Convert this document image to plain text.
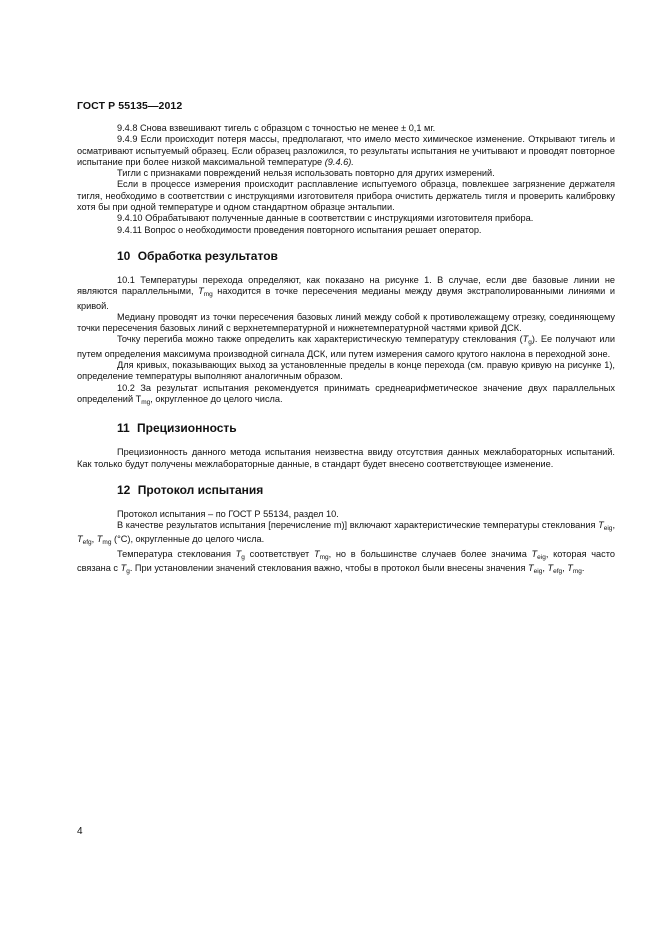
ГОСТ Р 55135—2012

9.4.8 Снова взвешивают тигель с образцом с точностью не менее ± 0,1 мг.

9.4.9 Если происходит потеря массы, предполагают, что имело место химическое изменение. Открывают тигель и осматривают испытуемый образец. Если образец разложился, то результаты испытания не учитывают и проводят повторное испытание при более низкой максимальной температуре (9.4.6).

Тигли с признаками повреждений нельзя использовать повторно для других измерений.

Если в процессе измерения происходит расплавление испытуемого образца, повлекшее загрязнение держателя тигля, необходимо в соответствии с инструкциями изготовителя прибора очистить держатель тигля и проверить калибровку хотя бы при одной температуре и одном стандартном образце энтальпии.

9.4.10 Обрабатывают полученные данные в соответствии с инструкциями изготовителя прибора.

9.4.11 Вопрос о необходимости проведения повторного испытания решает оператор.

10 Обработка результатов

10.1 Температуры перехода определяют, как показано на рисунке 1. В случае, если две базовые линии не являются параллельными, $T_{mg}$ находится в точке пересечения медианы между двумя экстраполированными линиями и кривой.

Медиану проводят из точки пересечения базовых линий между собой к противолежащему отрезку, соединяющему точки пересечения базовых линий с верхнетемпературной и нижнетемпературной частями кривой ДСК.

Точку перегиба можно также определить как характеристическую температуру стеклования $(T_g)$. Ее получают или путем определения максимума производной сигнала ДСК, или путем измерения самого крутого наклона в переходной зоне.

Для кривых, показывающих выход за установленные пределы в конце перехода (см. правую кривую на рисунке 1), определение температуры выполняют аналогичным образом.

10.2 За результат испытания рекомендуется принимать среднеарифметическое значение двух параллельных определений $T_{mg}$, округленное до целого числа.

11 Прецизионность

Прецизионность данного метода испытания неизвестна ввиду отсутствия данных межлабораторных испытаний. Как только будут получены межлабораторные данные, в стандарт будет внесено соответствующее изменение.

12 Протокол испытания

Протокол испытания – по ГОСТ Р 55134, раздел 10.

В качестве результатов испытания [перечисление m)] включают характеристические температуры стеклования $T_{eig}$, $T_{efg}$, $T_{mg}$ (°C), округленные до целого числа.

Температура стеклования $T_g$ соответствует $T_{mg}$, но в большинстве случаев более значима $T_{eig}$, которая часто связана с $T_g$. При установлении значений стеклования важно, чтобы в протокол были внесены значения $T_{eig}$, $T_{efg}$, $T_{mg}$.

4
